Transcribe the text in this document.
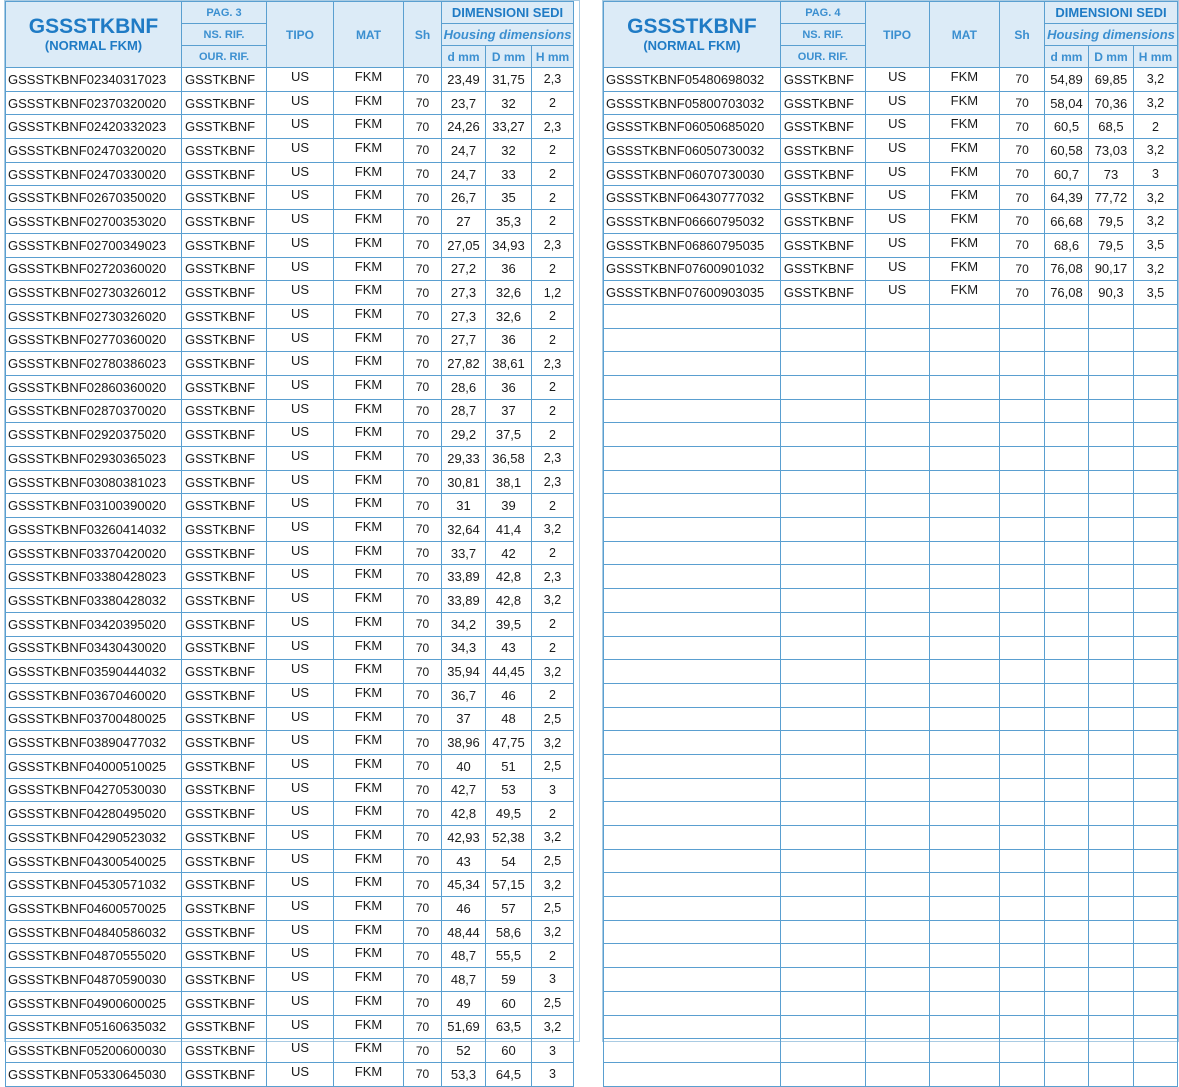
GSSSTKBNF
(NORMAL FKM)	PAG. 3	TIPO	MAT	Sh	DIMENSIONI SEDI		
	NS. RIF.				Housing dimensions		
	OUR. RIF.				d mm	D mm	H mm
GSSSTKBNF02340317023	GSSTKBNF	US	FKM	70	23,49	31,75	2,3
GSSSTKBNF02370320020	GSSTKBNF	US	FKM	70	23,7	32	2
GSSSTKBNF02420332023	GSSTKBNF	US	FKM	70	24,26	33,27	2,3
GSSSTKBNF02470320020	GSSTKBNF	US	FKM	70	24,7	32	2
GSSSTKBNF02470330020	GSSTKBNF	US	FKM	70	24,7	33	2
GSSSTKBNF02670350020	GSSTKBNF	US	FKM	70	26,7	35	2
GSSSTKBNF02700353020	GSSTKBNF	US	FKM	70	27	35,3	2
GSSSTKBNF02700349023	GSSTKBNF	US	FKM	70	27,05	34,93	2,3
GSSSTKBNF02720360020	GSSTKBNF	US	FKM	70	27,2	36	2
GSSSTKBNF02730326012	GSSTKBNF	US	FKM	70	27,3	32,6	1,2
GSSSTKBNF02730326020	GSSTKBNF	US	FKM	70	27,3	32,6	2
GSSSTKBNF02770360020	GSSTKBNF	US	FKM	70	27,7	36	2
GSSSTKBNF02780386023	GSSTKBNF	US	FKM	70	27,82	38,61	2,3
GSSSTKBNF02860360020	GSSTKBNF	US	FKM	70	28,6	36	2
GSSSTKBNF02870370020	GSSTKBNF	US	FKM	70	28,7	37	2
GSSSTKBNF02920375020	GSSTKBNF	US	FKM	70	29,2	37,5	2
GSSSTKBNF02930365023	GSSTKBNF	US	FKM	70	29,33	36,58	2,3
GSSSTKBNF03080381023	GSSTKBNF	US	FKM	70	30,81	38,1	2,3
GSSSTKBNF03100390020	GSSTKBNF	US	FKM	70	31	39	2
GSSSTKBNF03260414032	GSSTKBNF	US	FKM	70	32,64	41,4	3,2
GSSSTKBNF03370420020	GSSTKBNF	US	FKM	70	33,7	42	2
GSSSTKBNF03380428023	GSSTKBNF	US	FKM	70	33,89	42,8	2,3
GSSSTKBNF03380428032	GSSTKBNF	US	FKM	70	33,89	42,8	3,2
GSSSTKBNF03420395020	GSSTKBNF	US	FKM	70	34,2	39,5	2
GSSSTKBNF03430430020	GSSTKBNF	US	FKM	70	34,3	43	2
GSSSTKBNF03590444032	GSSTKBNF	US	FKM	70	35,94	44,45	3,2
GSSSTKBNF03670460020	GSSTKBNF	US	FKM	70	36,7	46	2
GSSSTKBNF03700480025	GSSTKBNF	US	FKM	70	37	48	2,5
GSSSTKBNF03890477032	GSSTKBNF	US	FKM	70	38,96	47,75	3,2
GSSSTKBNF04000510025	GSSTKBNF	US	FKM	70	40	51	2,5
GSSSTKBNF04270530030	GSSTKBNF	US	FKM	70	42,7	53	3
GSSSTKBNF04280495020	GSSTKBNF	US	FKM	70	42,8	49,5	2
GSSSTKBNF04290523032	GSSTKBNF	US	FKM	70	42,93	52,38	3,2
GSSSTKBNF04300540025	GSSTKBNF	US	FKM	70	43	54	2,5
GSSSTKBNF04530571032	GSSTKBNF	US	FKM	70	45,34	57,15	3,2
GSSSTKBNF04600570025	GSSTKBNF	US	FKM	70	46	57	2,5
GSSSTKBNF04840586032	GSSTKBNF	US	FKM	70	48,44	58,6	3,2
GSSSTKBNF04870555020	GSSTKBNF	US	FKM	70	48,7	55,5	2
GSSSTKBNF04870590030	GSSTKBNF	US	FKM	70	48,7	59	3
GSSSTKBNF04900600025	GSSTKBNF	US	FKM	70	49	60	2,5
GSSSTKBNF05160635032	GSSTKBNF	US	FKM	70	51,69	63,5	3,2
GSSSTKBNF05200600030	GSSTKBNF	US	FKM	70	52	60	3
GSSSTKBNF05330645030	GSSTKBNF	US	FKM	70	53,3	64,5	3
GSSSTKBNF
(NORMAL FKM)	PAG. 4	TIPO	MAT	Sh	DIMENSIONI SEDI		
	NS. RIF.				Housing dimensions		
	OUR. RIF.				d mm	D mm	H mm
GSSSTKBNF05480698032	GSSTKBNF	US	FKM	70	54,89	69,85	3,2
GSSSTKBNF05800703032	GSSTKBNF	US	FKM	70	58,04	70,36	3,2
GSSSTKBNF06050685020	GSSTKBNF	US	FKM	70	60,5	68,5	2
GSSSTKBNF06050730032	GSSTKBNF	US	FKM	70	60,58	73,03	3,2
GSSSTKBNF06070730030	GSSTKBNF	US	FKM	70	60,7	73	3
GSSSTKBNF06430777032	GSSTKBNF	US	FKM	70	64,39	77,72	3,2
GSSSTKBNF06660795032	GSSTKBNF	US	FKM	70	66,68	79,5	3,2
GSSSTKBNF06860795035	GSSTKBNF	US	FKM	70	68,6	79,5	3,5
GSSSTKBNF07600901032	GSSTKBNF	US	FKM	70	76,08	90,17	3,2
GSSSTKBNF07600903035	GSSTKBNF	US	FKM	70	76,08	90,3	3,5
